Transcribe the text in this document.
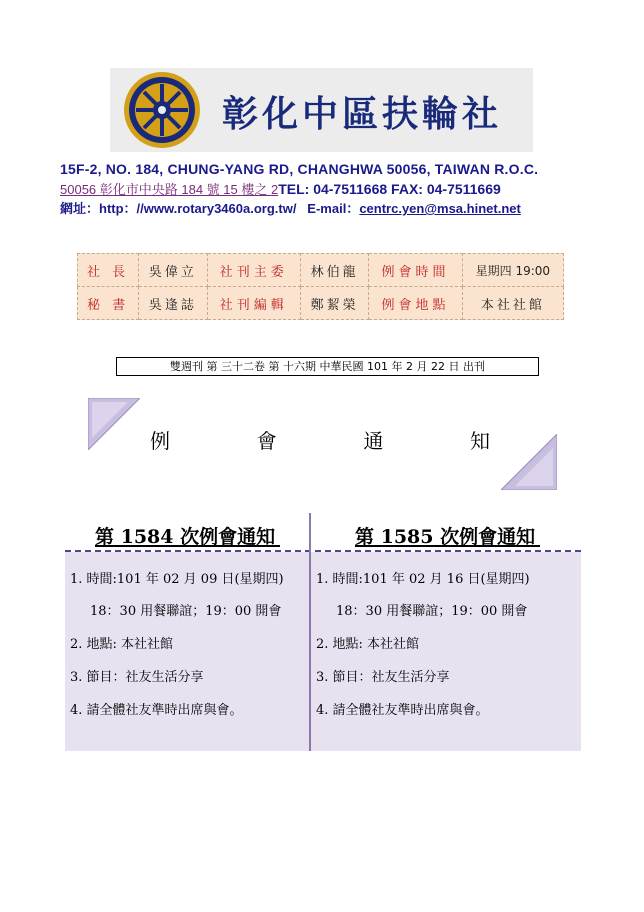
彰化中區扶輪社
15F-2, NO. 184, CHUNG-YANG RD, CHANGHWA 50056, TAIWAN R.O.C.
50056 彰化市中央路 184 號 15 樓之 2TEL: 04-7511668 FAX: 04-7511669
網址：http：//www.rotary3460a.org.tw/ E-mail：centrc.yen@msa.hinet.net
社 長	吳偉立	社刊主委	林伯龍	例會時間	星期四 19:00
秘 書	吳逢誌	社刊編輯	鄭絜榮	例會地點	本社社館
雙週刊 第 三十二卷 第 十六期 中華民國 101 年 2 月 22 日 出刊
例 會 通 知
第 1584 次例會通知	第 1585 次例會通知
1. 時間:101 年 02 月 09 日(星期四)
18：30 用餐聯誼；19：00 開會
2. 地點: 本社社館
3. 節目：社友生活分享
4. 請全體社友準時出席與會。
1. 時間:101 年 02 月 16 日(星期四)
18：30 用餐聯誼；19：00 開會
2. 地點: 本社社館
3. 節目：社友生活分享
4. 請全體社友準時出席與會。
